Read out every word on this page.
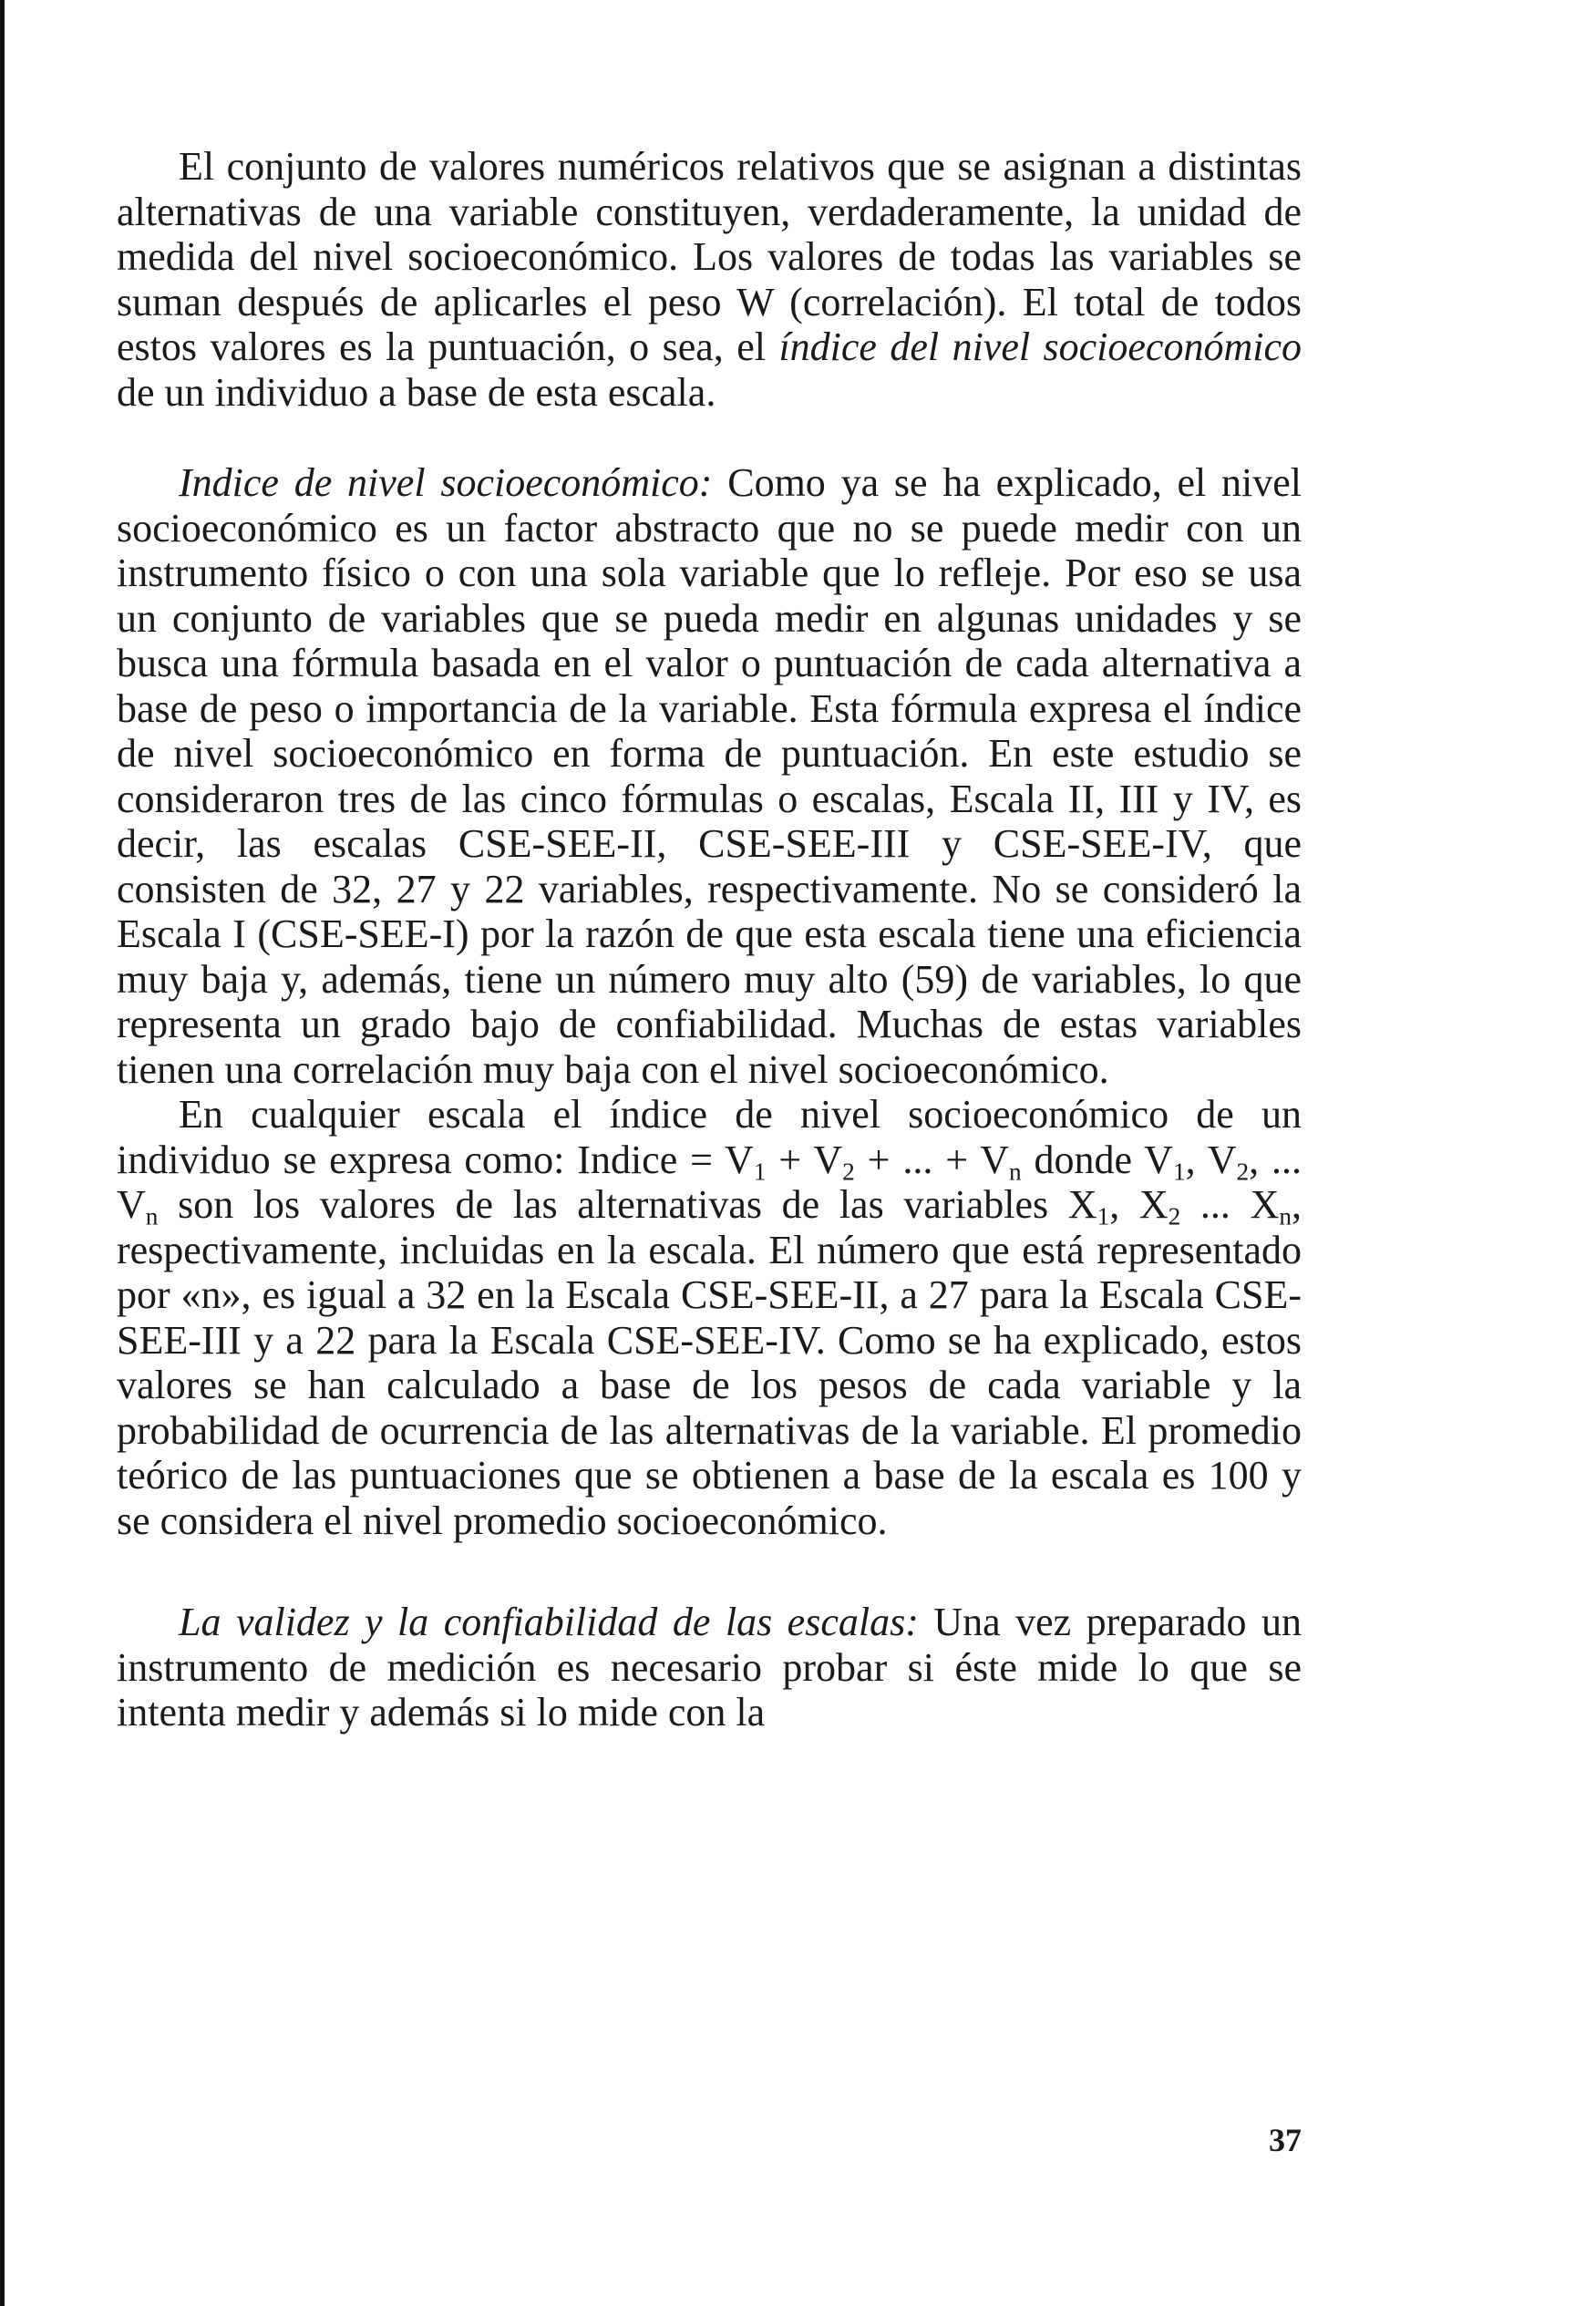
El conjunto de valores numéricos relativos que se asignan a distintas alternativas de una variable constituyen, verdaderamente, la unidad de medida del nivel socioeconómico. Los valores de todas las variables se suman después de aplicarles el peso W (correlación). El total de todos estos valores es la puntuación, o sea, el índice del nivel socioeconómico de un individuo a base de esta escala.

Indice de nivel socioeconómico: Como ya se ha explicado, el nivel socioeconómico es un factor abstracto que no se puede medir con un instrumento físico o con una sola variable que lo refleje. Por eso se usa un conjunto de variables que se pueda medir en algunas unidades y se busca una fórmula basada en el valor o puntuación de cada alternativa a base de peso o importancia de la variable. Esta fórmula expresa el índice de nivel socioeconómico en forma de puntuación. En este estudio se consideraron tres de las cinco fórmulas o escalas, Escala II, III y IV, es decir, las escalas CSE-SEE-II, CSE-SEE-III y CSE-SEE-IV, que consisten de 32, 27 y 22 variables, respectivamente. No se consideró la Escala I (CSE-SEE-I) por la razón de que esta escala tiene una eficiencia muy baja y, además, tiene un número muy alto (59) de variables, lo que representa un grado bajo de confiabilidad. Muchas de estas variables tienen una correlación muy baja con el nivel socioeconómico.

En cualquier escala el índice de nivel socioeconómico de un individuo se expresa como: Indice = $V_1 + V_2$ + ... + $V_n$ donde $V_1$, $V_2$, ... $V_n$ son los valores de las alternativas de las variables $X_1$, $X_2$ ... $X_n$, respectivamente, incluidas en la escala. El número que está representado por «n», es igual a 32 en la Escala CSE-SEE-II, a 27 para la Escala CSE-SEE-III y a 22 para la Escala CSE-SEE-IV. Como se ha explicado, estos valores se han calculado a base de los pesos de cada variable y la probabilidad de ocurrencia de las alternativas de la variable. El promedio teórico de las puntuaciones que se obtienen a base de la escala es 100 y se considera el nivel promedio socioeconómico.

La validez y la confiabilidad de las escalas: Una vez preparado un instrumento de medición es necesario probar si éste mide lo que se intenta medir y además si lo mide con la

37
